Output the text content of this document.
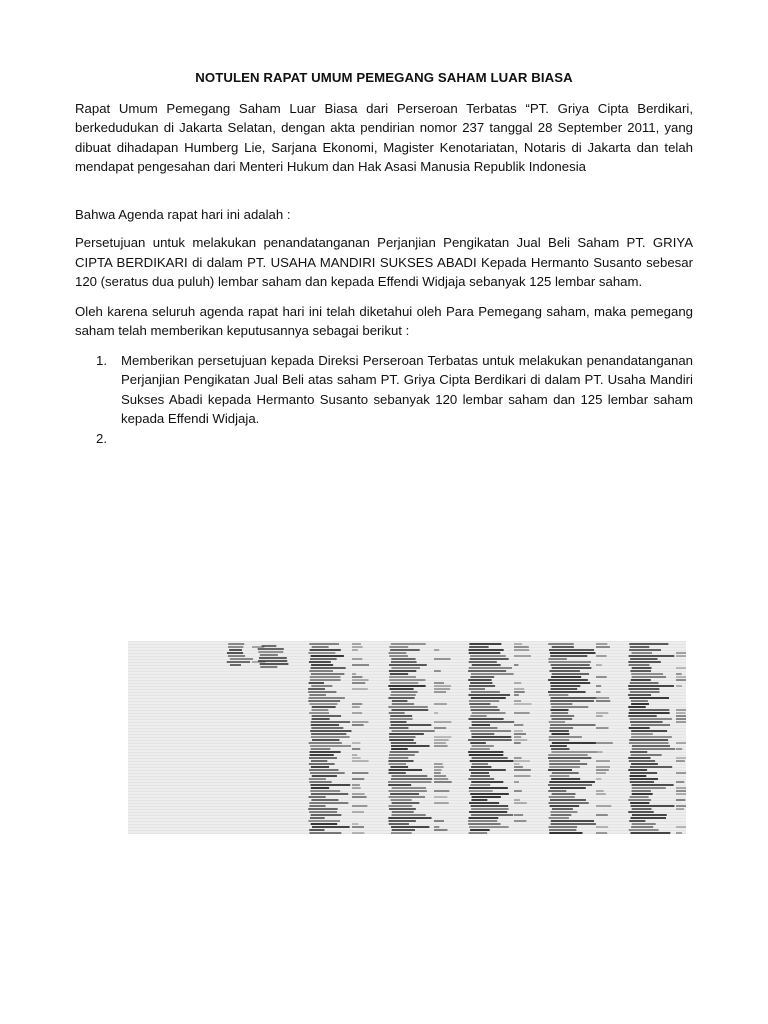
NOTULEN RAPAT UMUM PEMEGANG SAHAM LUAR BIASA

Rapat Umum Pemegang Saham Luar Biasa dari Perseroan Terbatas “PT. Griya Cipta Berdikari, berkedudukan di Jakarta Selatan, dengan akta pendirian nomor 237 tanggal 28 September 2011, yang dibuat dihadapan Humberg Lie, Sarjana Ekonomi, Magister Kenotariatan, Notaris di Jakarta dan telah mendapat pengesahan dari Menteri Hukum dan Hak Asasi Manusia Republik Indonesia

Bahwa Agenda rapat hari ini adalah :

Persetujuan untuk melakukan penandatanganan Perjanjian Pengikatan Jual Beli Saham PT. GRIYA CIPTA BERDIKARI di dalam PT. USAHA MANDIRI SUKSES ABADI Kepada Hermanto Susanto sebesar 120 (seratus dua puluh) lembar saham dan kepada Effendi Widjaja sebanyak 125 lembar saham.

Oleh karena seluruh agenda rapat hari ini telah diketahui oleh Para Pemegang saham, maka pemegang saham telah memberikan keputusannya sebagai berikut :

1. Memberikan persetujuan kepada Direksi Perseroan Terbatas untuk melakukan penandatanganan Perjanjian Pengikatan Jual Beli atas saham PT. Griya Cipta Berdikari di dalam PT. Usaha Mandiri Sukses Abadi kepada Hermanto Susanto sebanyak 120 lembar saham dan 125 lembar saham kepada Effendi Widjaja.
2.
